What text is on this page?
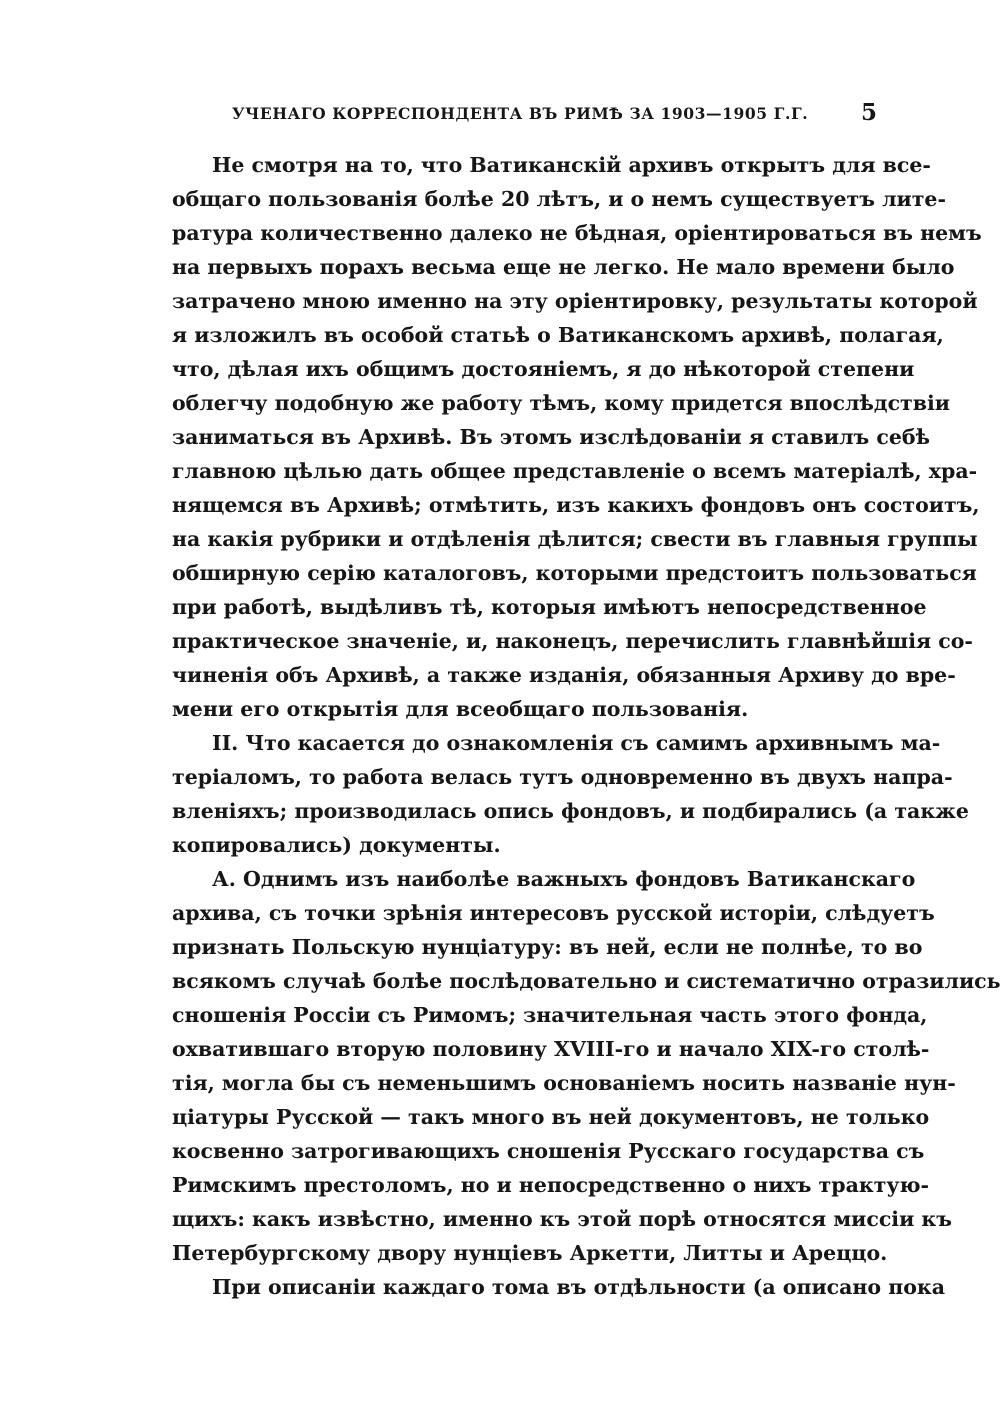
УЧЕНАГО КОРРЕСПОНДЕНТА ВЪ РИМѢ ЗА 1903—1905 Г.Г. 5
Не смотря на то, что Ватиканскій архивъ открытъ для все-
общаго пользованія болѣе 20 лѣтъ, и о немъ существуетъ лите-
ратура количественно далеко не бѣдная, оріентироваться въ немъ
на первыхъ порахъ весьма еще не легко. Не мало времени было
затрачено мною именно на эту оріентировку, результаты которой
я изложилъ въ особой статьѣ о Ватиканскомъ архивѣ, полагая,
что, дѣлая ихъ общимъ достояніемъ, я до нѣкоторой степени
облегчу подобную же работу тѣмъ, кому придется впослѣдствіи
заниматься въ Архивѣ. Въ этомъ изслѣдованіи я ставилъ себѣ
главною цѣлью дать общее представленіе о всемъ матеріалѣ, хра-
нящемся въ Архивѣ; отмѣтить, изъ какихъ фондовъ онъ состоитъ,
на какія рубрики и отдѣленія дѣлится; свести въ главныя группы
обширную серію каталоговъ, которыми предстоитъ пользоваться
при работѣ, выдѣливъ тѣ, которыя имѣютъ непосредственное
практическое значеніе, и, наконецъ, перечислить главнѣйшія со-
чиненія объ Архивѣ, а также изданія, обязанныя Архиву до вре-
мени его открытія для всеобщаго пользованія.
II. Что касается до ознакомленія съ самимъ архивнымъ ма-
теріаломъ, то работа велась тутъ одновременно въ двухъ напра-
вленіяхъ; производилась опись фондовъ, и подбирались (а также
копировались) документы.
А. Однимъ изъ наиболѣе важныхъ фондовъ Ватиканскаго
архива, съ точки зрѣнія интересовъ русской исторіи, слѣдуетъ
признать Польскую нунціатуру: въ ней, если не полнѣе, то во
всякомъ случаѣ болѣе послѣдовательно и систематично отразились
сношенія Россіи съ Римомъ; значительная часть этого фонда,
охватившаго вторую половину XVIII-го и начало XIX-го столѣ-
тія, могла бы съ неменьшимъ основаніемъ носить названіе нун-
ціатуры Русской — такъ много въ ней документовъ, не только
косвенно затрогивающихъ сношенія Русскаго государства съ
Римскимъ престоломъ, но и непосредственно о нихъ трактую-
щихъ: какъ извѣстно, именно къ этой порѣ относятся миссіи къ
Петербургскому двору нунціевъ Аркетти, Литты и Ареццо.
При описаніи каждаго тома въ отдѣльности (а описано пока
